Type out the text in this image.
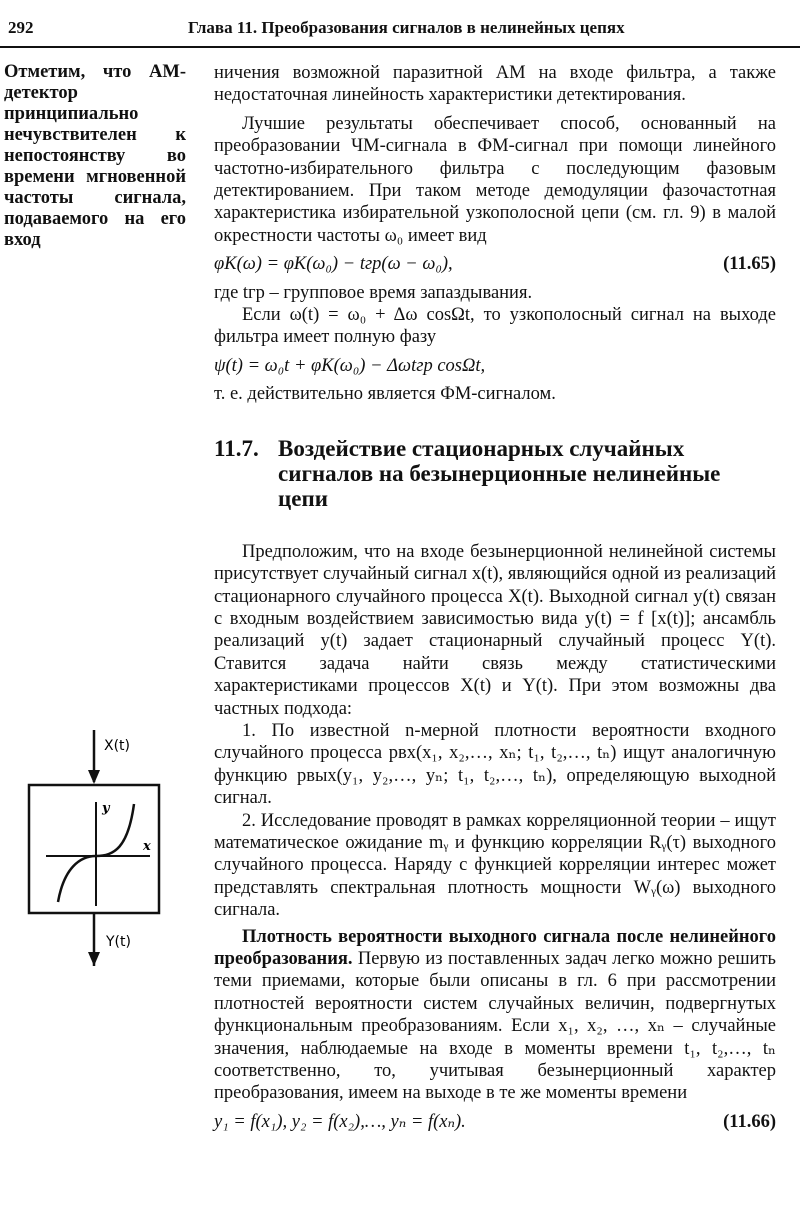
292	Глава 11. Преобразования сигналов в нелинейных цепях
Отметим, что АМ-детектор принципиально нечувствителен к непостоянству во времени мгновенной частоты сигнала, подаваемого на его вход

ничения возможной паразитной АМ на входе фильтра, а также недостаточная линейность характеристики детектирования.

Лучшие результаты обеспечивает способ, основанный на преобразовании ЧМ-сигнала в ФМ-сигнал при помощи линейного частотно-избирательного фильтра с последующим фазовым детектированием. При таком методе демодуляции фазочастотная характеристика избирательной узкополосной цепи (см. гл. 9) в малой окрестности частоты ω₀ имеет вид

φK(ω) = φK(ω₀) − tгр(ω − ω₀),	(11.65)

где tгр – групповое время запаздывания.

Если ω(t) = ω₀ + Δω cosΩt, то узкополосный сигнал на выходе фильтра имеет полную фазу

ψ(t) = ω₀t + φK(ω₀) − Δωtгр cosΩt,

т. е. действительно является ФМ-сигналом.

11.7. Воздействие стационарных случайных сигналов на безынерционные нелинейные цепи

Предположим, что на входе безынерционной нелинейной системы присутствует случайный сигнал x(t), являющийся одной из реализаций стационарного случайного процесса X(t). Выходной сигнал y(t) связан с входным воздействием зависимостью вида y(t) = f [x(t)]; ансамбль реализаций y(t) задает стационарный случайный процесс Y(t). Ставится задача найти связь между статистическими характеристиками процессов X(t) и Y(t). При этом возможны два частных подхода:

1. По известной n-мерной плотности вероятности входного случайного процесса pвх(x₁, x₂,…, xₙ; t₁, t₂,…, tₙ) ищут аналогичную функцию pвых(y₁, y₂,…, yₙ; t₁, t₂,…, tₙ), определяющую выходной сигнал.

2. Исследование проводят в рамках корреляционной теории – ищут математическое ожидание mᵧ и функцию корреляции Rᵧ(τ) выходного случайного процесса. Наряду с функцией корреляции интерес может представлять спектральная плотность мощности Wᵧ(ω) выходного сигнала.

Плотность вероятности выходного сигнала после нелинейного преобразования. Первую из поставленных задач легко можно решить теми приемами, которые были описаны в гл. 6 при рассмотрении плотностей вероятности систем случайных величин, подвергнутых функциональным преобразованиям. Если x₁, x₂, …, xₙ – случайные значения, наблюдаемые на входе в моменты времени t₁, t₂,…, tₙ соответственно, то, учитывая безынерционный характер преобразования, имеем на выходе в те же моменты времени

y₁ = f(x₁), y₂ = f(x₂),…, yₙ = f(xₙ).	(11.66)
X(t)
y
x
Y(t)
